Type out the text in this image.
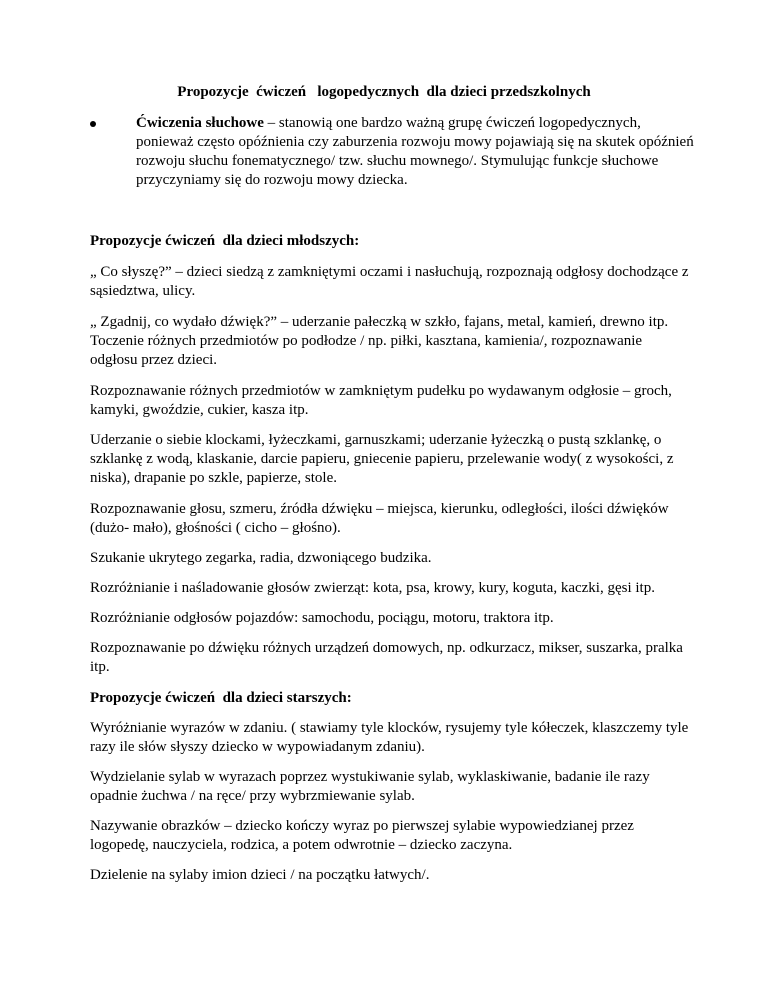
Propozycje  ćwiczeń   logopedycznych  dla dzieci przedszkolnych
Ćwiczenia słuchowe – stanowią one bardzo ważną grupę ćwiczeń logopedycznych, ponieważ często opóźnienia czy zaburzenia rozwoju mowy pojawiają się na skutek opóźnień rozwoju słuchu fonematycznego/ tzw. słuchu mownego/. Stymulując funkcje słuchowe przyczyniamy się do rozwoju mowy dziecka.
Propozycje ćwiczeń  dla dzieci młodszych:
„ Co słyszę?” – dzieci siedzą z zamkniętymi oczami i nasłuchują, rozpoznają odgłosy dochodzące z sąsiedztwa, ulicy.
„ Zgadnij, co wydało dźwięk?” – uderzanie pałeczką w szkło, fajans, metal, kamień, drewno itp. Toczenie różnych przedmiotów po podłodze / np. piłki, kasztana, kamienia/, rozpoznawanie odgłosu przez dzieci.
Rozpoznawanie różnych przedmiotów w zamkniętym pudełku po wydawanym odgłosie – groch, kamyki, gwoździe, cukier, kasza itp.
Uderzanie o siebie klockami, łyżeczkami, garnuszkami; uderzanie łyżeczką o pustą szklankę, o szklankę z wodą, klaskanie, darcie papieru, gniecenie papieru, przelewanie wody( z wysokości, z niska), drapanie po szkle, papierze, stole.
Rozpoznawanie głosu, szmeru, źródła dźwięku – miejsca, kierunku, odległości, ilości dźwięków (dużo- mało), głośności ( cicho – głośno).
Szukanie ukrytego zegarka, radia, dzwoniącego budzika.
Rozróżnianie i naśladowanie głosów zwierząt: kota, psa, krowy, kury, koguta, kaczki, gęsi itp.
Rozróżnianie odgłosów pojazdów: samochodu, pociągu, motoru, traktora itp.
Rozpoznawanie po dźwięku różnych urządzeń domowych, np. odkurzacz, mikser, suszarka, pralka itp.
Propozycje ćwiczeń  dla dzieci starszych:
Wyróżnianie wyrazów w zdaniu. ( stawiamy tyle klocków, rysujemy tyle kółeczek, klaszczemy tyle razy ile słów słyszy dziecko w wypowiadanym zdaniu).
Wydzielanie sylab w wyrazach poprzez wystukiwanie sylab, wyklaskiwanie, badanie ile razy opadnie żuchwa / na ręce/ przy wybrzmiewanie sylab.
Nazywanie obrazków – dziecko kończy wyraz po pierwszej sylabie wypowiedzianej przez logopedę, nauczyciela, rodzica, a potem odwrotnie – dziecko zaczyna.
Dzielenie na sylaby imion dzieci / na początku łatwych/.
